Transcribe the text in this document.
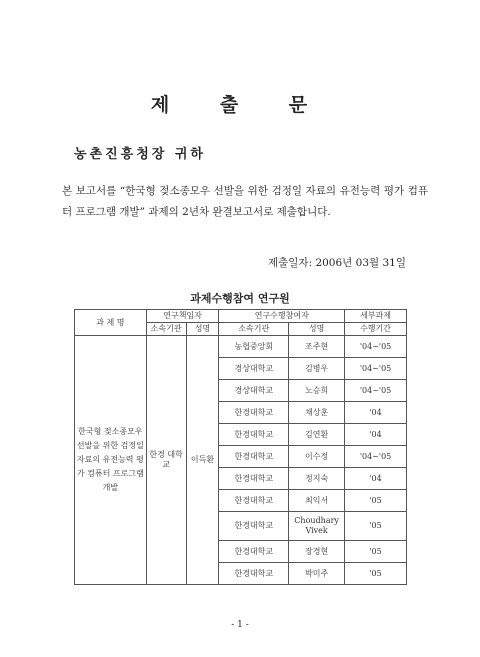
제 출 문
농촌진흥청장 귀하
본 보고서를 “한국형 젖소종모우 선발을 위한 검정일 자료의 유전능력 평가 컴퓨터 프로그램 개발” 과제의 2년차 완결보고서로 제출합니다.
제출일자: 2006년 03월 31일
과제수행참여 연구원
과 제 명	연구책임자		연구수행참여자		세부과제
	소속기관	성명	소속기관	성명	수행기간
한국형 젖소종모우 선발을 위한 검정일 자료의 유전능력 평가 컴퓨터 프로그램 개발	한경 대학교	이득환	농협중앙회	조주현	'04~'05
			경상대학교	김병우	'04~'05
			경상대학교	노승희	'04~'05
			한경대학교	채상훈	'04
			한경대학교	김연환	'04
			한경대학교	이수정	'04~'05
			한경대학교	정지숙	'04
			한경대학교	최익서	'05
			한경대학교	Choudhary Vivek	'05
			한경대학교	장경현	'05
			한경대학교	박미주	'05
- 1 -
